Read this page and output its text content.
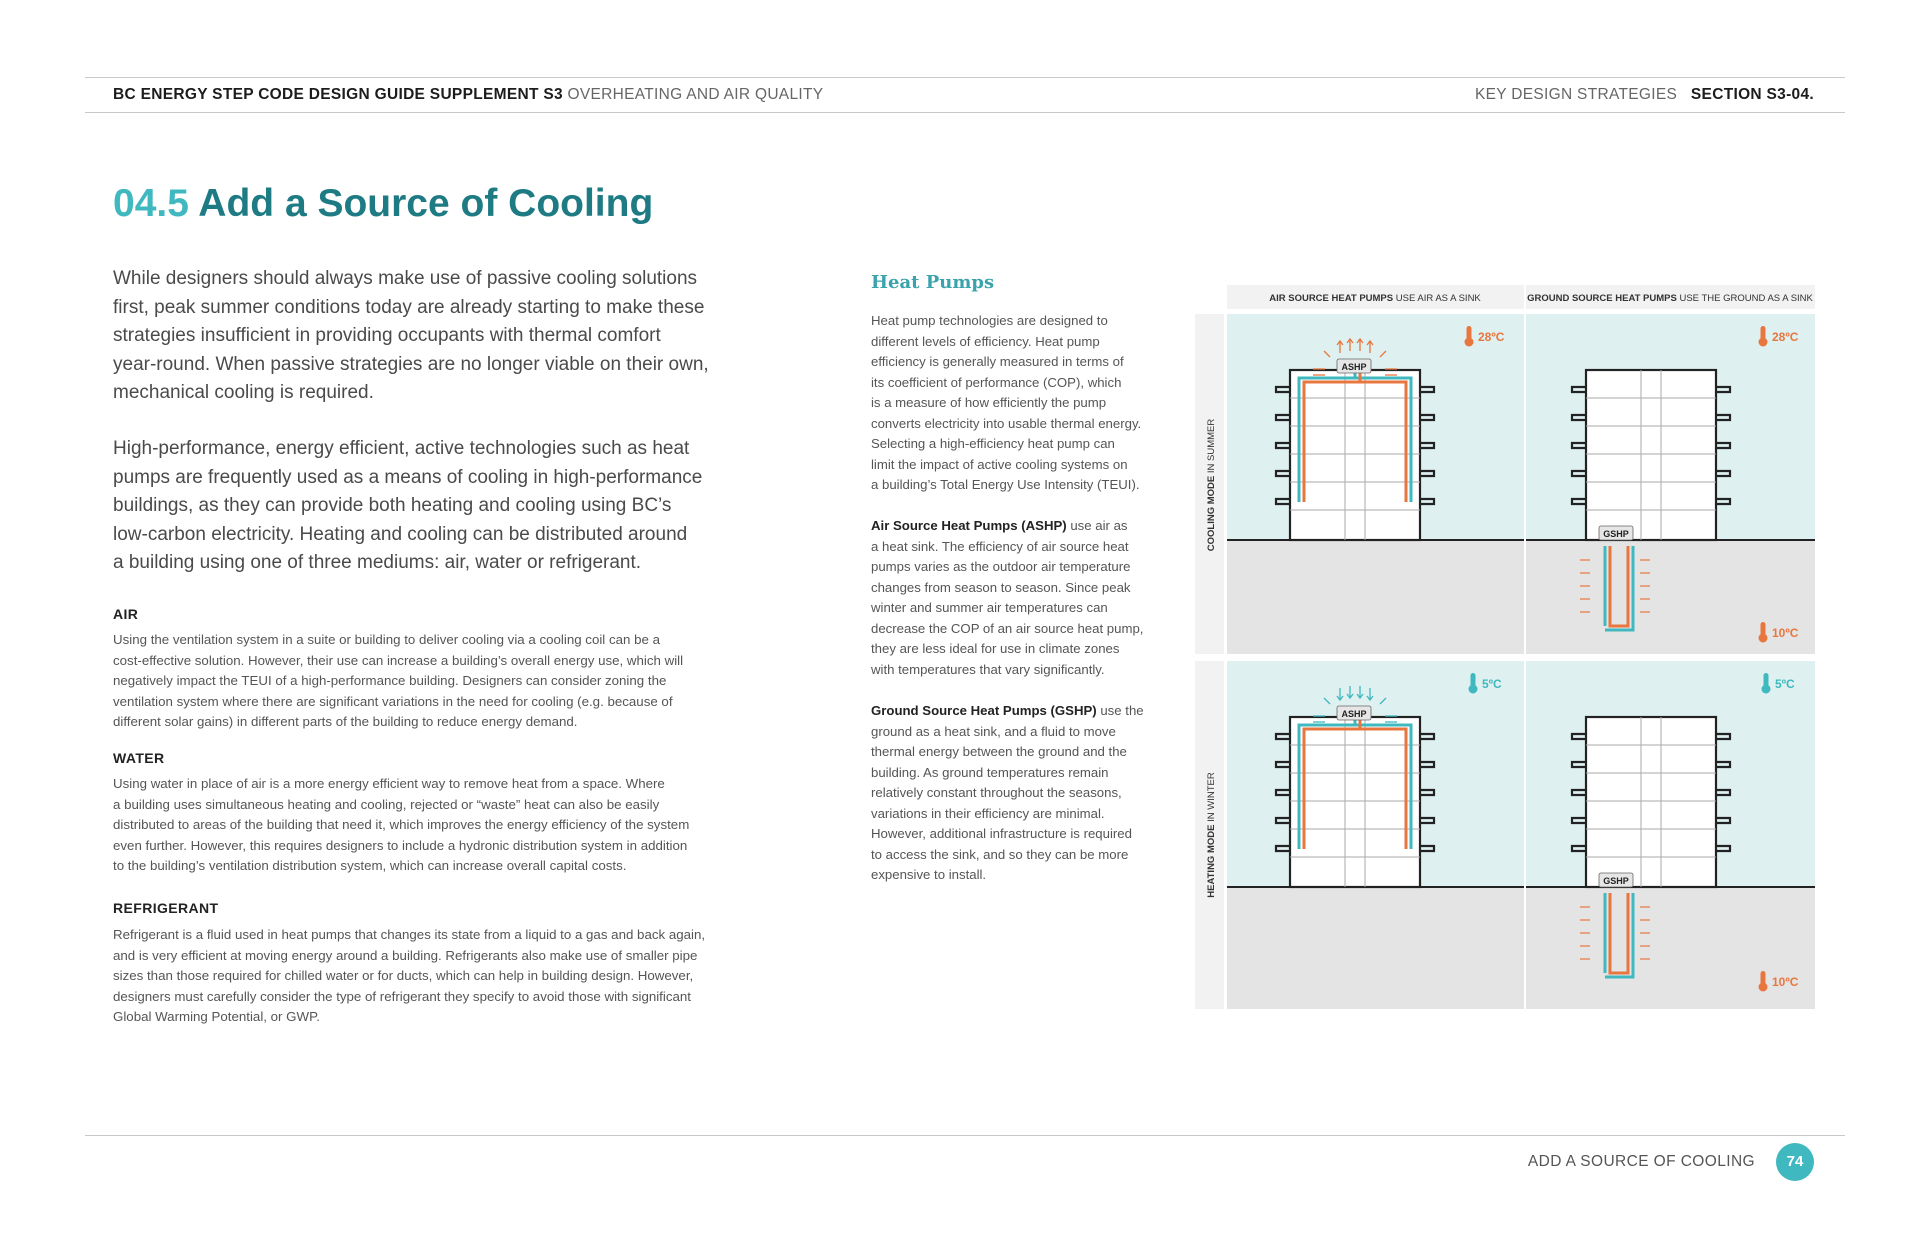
BC ENERGY STEP CODE DESIGN GUIDE SUPPLEMENT S3 OVERHEATING AND AIR QUALITY	KEY DESIGN STRATEGIES SECTION S3-04.
04.5 Add a Source of Cooling

While designers should always make use of passive cooling solutions
first, peak summer conditions today are already starting to make these
strategies insufficient in providing occupants with thermal comfort
year-round. When passive strategies are no longer viable on their own,
mechanical cooling is required.

High-performance, energy efficient, active technologies such as heat
pumps are frequently used as a means of cooling in high-performance
buildings, as they can provide both heating and cooling using BC’s
low-carbon electricity. Heating and cooling can be distributed around
a building using one of three mediums: air, water or refrigerant.

AIR

Using the ventilation system in a suite or building to deliver cooling via a cooling coil can be a
cost-effective solution. However, their use can increase a building’s overall energy use, which will
negatively impact the TEUI of a high-performance building. Designers can consider zoning the
ventilation system where there are significant variations in the need for cooling (e.g. because of
different solar gains) in different parts of the building to reduce energy demand.

WATER

Using water in place of air is a more energy efficient way to remove heat from a space. Where
a building uses simultaneous heating and cooling, rejected or “waste” heat can also be easily
distributed to areas of the building that need it, which improves the energy efficiency of the system
even further. However, this requires designers to include a hydronic distribution system in addition
to the building’s ventilation distribution system, which can increase overall capital costs.

REFRIGERANT

Refrigerant is a fluid used in heat pumps that changes its state from a liquid to a gas and back again,
and is very efficient at moving energy around a building. Refrigerants also make use of smaller pipe
sizes than those required for chilled water or for ducts, which can help in building design. However,
designers must carefully consider the type of refrigerant they specify to avoid those with significant
Global Warming Potential, or GWP.

Heat Pumps

Heat pump technologies are designed to
different levels of efficiency. Heat pump
efficiency is generally measured in terms of
its coefficient of performance (COP), which
is a measure of how efficiently the pump
converts electricity into usable thermal energy.
Selecting a high-efficiency heat pump can
limit the impact of active cooling systems on
a building’s Total Energy Use Intensity (TEUI).

Air Source Heat Pumps (ASHP) use air as
a heat sink. The efficiency of air source heat
pumps varies as the outdoor air temperature
changes from season to season. Since peak
winter and summer air temperatures can
decrease the COP of an air source heat pump,
they are less ideal for use in climate zones
with temperatures that vary significantly.

Ground Source Heat Pumps (GSHP) use the
ground as a heat sink, and a fluid to move
thermal energy between the ground and the
building. As ground temperatures remain
relatively constant throughout the seasons,
variations in their efficiency are minimal.
However, additional infrastructure is required
to access the sink, and so they can be more
expensive to install.

AIR SOURCE HEAT PUMPS USE AIR AS A SINK	GROUND SOURCE HEAT PUMPS USE THE GROUND AS A SINK
COOLING MODE IN SUMMER
HEATING MODE IN WINTER
ASHP
28ºC
GSHP
28ºC
10ºC
ASHP
5ºC
GSHP
5ºC
10ºC
ADD A SOURCE OF COOLING	74
